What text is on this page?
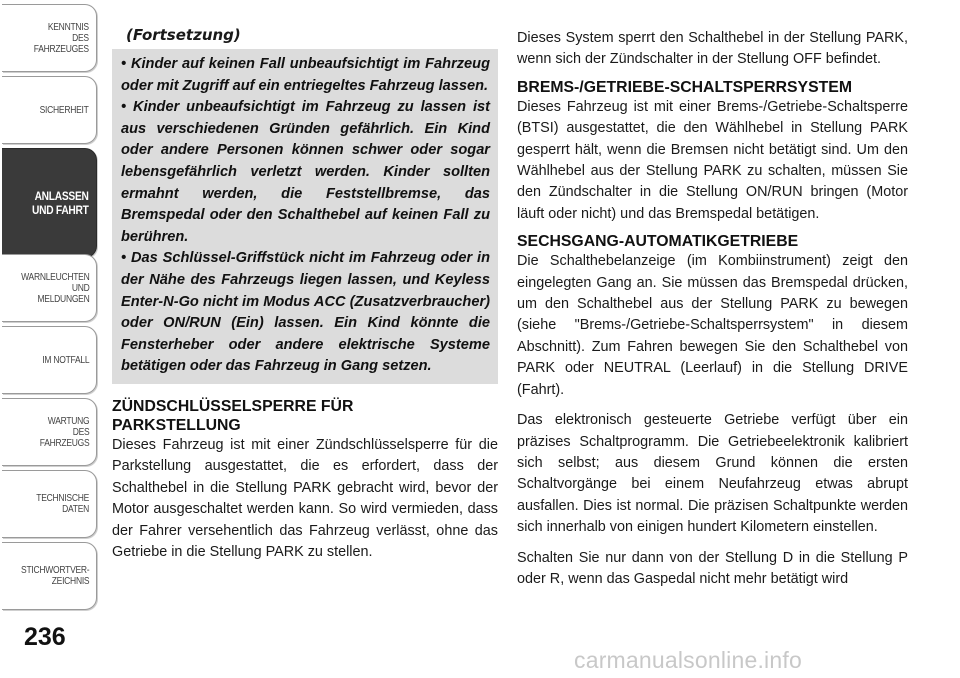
KENNTNIS
DES
FAHRZEUGES
SICHERHEIT
ANLASSEN
UND FAHRT
WARNLEUCHTEN
UND
MELDUNGEN
IM NOTFALL
WARTUNG
DES
FAHRZEUGS
TECHNISCHE
DATEN
STICHWORTVER-
ZEICHNIS
236
(Fortsetzung)

• Kinder auf keinen Fall unbeaufsichtigt im Fahrzeug oder mit Zugriff auf ein entriegeltes Fahrzeug lassen.

• Kinder unbeaufsichtigt im Fahrzeug zu lassen ist aus verschiedenen Gründen gefährlich. Ein Kind oder andere Personen können schwer oder sogar lebensgefährlich verletzt werden. Kinder sollten ermahnt werden, die Feststellbremse, das Bremspedal oder den Schalthebel auf keinen Fall zu berühren.

• Das Schlüssel-Griffstück nicht im Fahrzeug oder in der Nähe des Fahrzeugs liegen lassen, und Keyless Enter-N-Go nicht im Modus ACC (Zusatzverbraucher) oder ON/RUN (Ein) lassen. Ein Kind könnte die Fensterheber oder andere elektrische Systeme betätigen oder das Fahrzeug in Gang setzen.

ZÜNDSCHLÜSSELSPERRE FÜR PARKSTELLUNG

Dieses Fahrzeug ist mit einer Zündschlüsselsperre für die Parkstellung ausgestattet, die es erfordert, dass der Schalthebel in die Stellung PARK gebracht wird, bevor der Motor ausgeschaltet werden kann. So wird vermieden, dass der Fahrer versehentlich das Fahrzeug verlässt, ohne das Getriebe in die Stellung PARK zu stellen.

Dieses System sperrt den Schalthebel in der Stellung PARK, wenn sich der Zündschalter in der Stellung OFF befindet.

BREMS-/GETRIEBE-SCHALTSPERRSYSTEM

Dieses Fahrzeug ist mit einer Brems-/Getriebe-Schaltsperre (BTSI) ausgestattet, die den Wählhebel in Stellung PARK gesperrt hält, wenn die Bremsen nicht betätigt sind. Um den Wählhebel aus der Stellung PARK zu schalten, müssen Sie den Zündschalter in die Stellung ON/RUN bringen (Motor läuft oder nicht) und das Bremspedal betätigen.

SECHSGANG-AUTOMATIKGETRIEBE

Die Schalthebelanzeige (im Kombiinstrument) zeigt den eingelegten Gang an. Sie müssen das Bremspedal drücken, um den Schalthebel aus der Stellung PARK zu bewegen (siehe "Brems-/Getriebe-Schaltsperrsystem" in diesem Abschnitt). Zum Fahren bewegen Sie den Schalthebel von PARK oder NEUTRAL (Leerlauf) in die Stellung DRIVE (Fahrt).

Das elektronisch gesteuerte Getriebe verfügt über ein präzises Schaltprogramm. Die Getriebeelektronik kalibriert sich selbst; aus diesem Grund können die ersten Schaltvorgänge bei einem Neufahrzeug etwas abrupt ausfallen. Dies ist normal. Die präzisen Schaltpunkte werden sich innerhalb von einigen hundert Kilometern einstellen.

Schalten Sie nur dann von der Stellung D in die Stellung P oder R, wenn das Gaspedal nicht mehr betätigt wird

carmanualsonline.info
